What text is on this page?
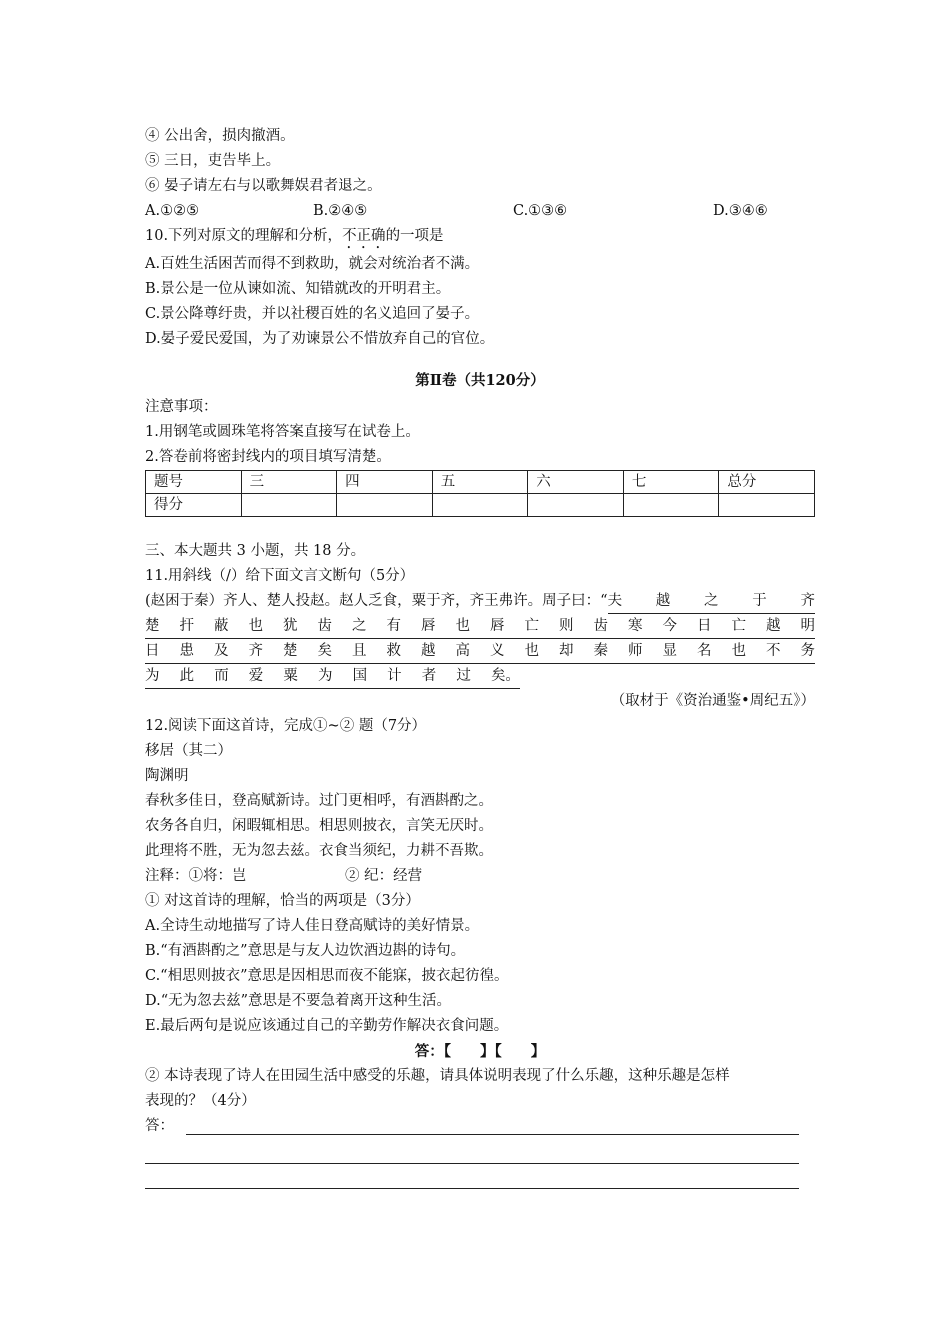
④ 公出舍，损肉撤酒。
⑤ 三日，吏告毕上。
⑥ 晏子请左右与以歌舞娱君者退之。
A.①②⑤	B.②④⑤	C.①③⑥	D.③④⑥
10.下列对原文的理解和分析，不正确的一项是
A.百姓生活困苦而得不到救助，就会对统治者不满。
B.景公是一位从谏如流、知错就改的开明君主。
C.景公降尊纡贵，并以社稷百姓的名义追回了晏子。
D.晏子爱民爱国，为了劝谏景公不惜放弃自己的官位。
第Ⅱ卷（共120分）
注意事项：
1.用钢笔或圆珠笔将答案直接写在试卷上。
2.答卷前将密封线内的项目填写清楚。
题号	三	四	五	六	七	总分
得分						
三、本大题共 3 小题，共 18 分。
11.用斜线（/）给下面文言文断句（5分）
(赵困于秦）齐人、楚人投赵。赵人乏食，粟于齐，齐王弗许。周子曰：“ 夫 越 之 于 齐
楚 扞 蔽 也 犹 齿 之 有 唇 也 唇 亡 则 齿 寒 今 日 亡 越 明
日 患 及 齐 楚 矣 且 救 越 高 义 也 却 秦 师 显 名 也 不 务
为 此 而 爱 粟 为 国 计 者 过 矣。
（取材于《资治通鉴•周纪五》）
12.阅读下面这首诗，完成①~② 题（7分）
移居（其二）
陶渊明
春秋多佳日，登高赋新诗。过门更相呼，有酒斟酌之。
农务各自归，闲暇辄相思。相思则披衣，言笑无厌时。
此理将不胜，无为忽去兹。衣食当须纪，力耕不吾欺。
注释：①将：岂	② 纪：经营
① 对这首诗的理解，恰当的两项是（3分）
A.全诗生动地描写了诗人佳日登高赋诗的美好情景。
B.“有酒斟酌之”意思是与友人边饮酒边斟的诗句。
C.“相思则披衣”意思是因相思而夜不能寐，披衣起彷徨。
D.“无为忽去兹”意思是不要急着离开这种生活。
E.最后两句是说应该通过自己的辛勤劳作解决衣食问题。
答：【　　】【　　】
② 本诗表现了诗人在田园生活中感受的乐趣，请具体说明表现了什么乐趣，这种乐趣是怎样
表现的？（4分）
答：
